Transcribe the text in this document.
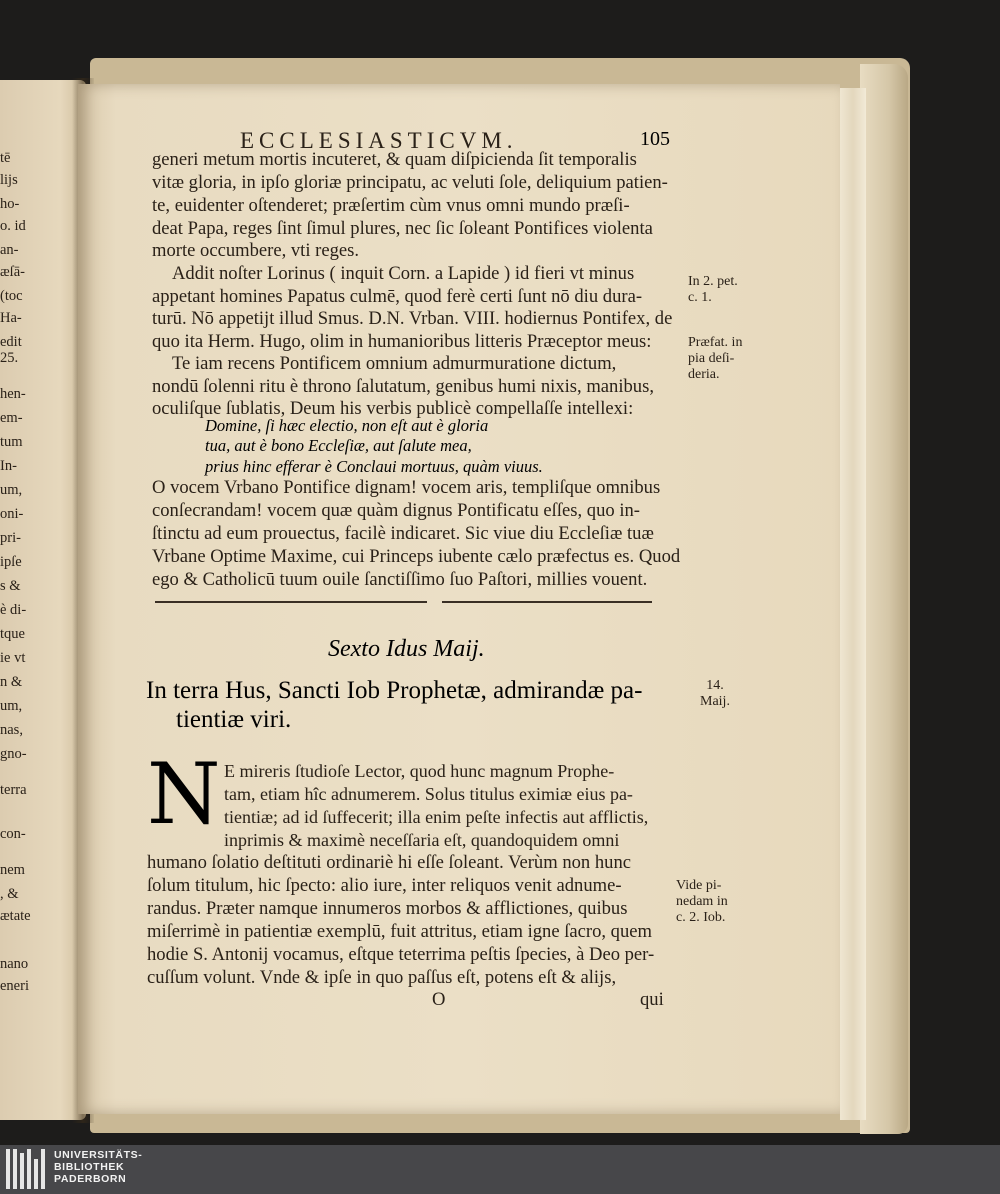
tē
lijs
ho-
o. id
an-
æſā-
(toc
Ha-
edit
25.
hen-
em-
tum
In-
um,
oni-
pri-
ipſe
s &
è di-
tque
ie vt
n &
um,
nas,
gno-
terra
con-
nem
, &
ætate
nano
eneri
ECCLESIASTICVM.	105
generi metum mortis incuteret, & quam diſpicienda ſit temporalis
vitæ gloria, in ipſo gloriæ principatu, ac veluti ſole, deliquium patien-
te, euidenter oſtenderet; præſertim cùm vnus omni mundo præſi-
deat Papa, reges ſint ſimul plures, nec ſic ſoleant Pontifices violenta
morte occumbere, vti reges.
Addit noſter Lorinus ( inquit Corn. a Lapide ) id fieri vt minus
appetant homines Papatus culmē, quod ferè certi ſunt nō diu dura-
turū. Nō appetijt illud Smus. D.N. Vrban. VIII. hodiernus Pontifex, de
quo ita Herm. Hugo, olim in humanioribus litteris Præceptor meus:
Te iam recens Pontificem omnium admurmuratione dictum,
nondū ſolenni ritu è throno ſalutatum, genibus humi nixis, manibus,
oculiſque ſublatis, Deum his verbis publicè compellaſſe intellexi:
Domine, ſi hæc electio, non eſt aut è gloria
tua, aut è bono Eccleſiæ, aut ſalute mea,
prius hinc efferar è Conclaui mortuus, quàm viuus.
O vocem Vrbano Pontifice dignam! vocem aris, templiſque omnibus
conſecrandam! vocem quæ quàm dignus Pontificatu eſſes, quo in-
ſtinctu ad eum prouectus, facilè indicaret. Sic viue diu Eccleſiæ tuæ
Vrbane Optime Maxime, cui Princeps iubente cælo præfectus es. Quod
ego & Catholicū tuum ouile ſanctiſſimo ſuo Paſtori, millies vouent.
Sexto Idus Maij.
In terra Hus, Sancti Iob Prophetæ, admirandæ pa-
tientiæ viri.
N E mireris ſtudioſe Lector, quod hunc magnum Prophe-
tam, etiam hîc adnumerem. Solus titulus eximiæ eius pa-
tientiæ; ad id ſuffecerit; illa enim peſte infectis aut afflictis,
inprimis & maximè neceſſaria eſt, quandoquidem omni
humano ſolatio deſtituti ordinariè hi eſſe ſoleant. Verùm non hunc
ſolum titulum, hic ſpecto: alio iure, inter reliquos venit adnume-
randus. Præter namque innumeros morbos & afflictiones, quibus
miſerrimè in patientiæ exemplū, fuit attritus, etiam igne ſacro, quem
hodie S. Antonij vocamus, eſtque teterrima peſtis ſpecies, à Deo per-
cuſſum volunt. Vnde & ipſe in quo paſſus eſt, potens eſt & alijs,
O	qui
In 2. pet.
c. 1.
Præfat. in
pia deſi-
deria.
14.
Maij.
Vide pi-
nedam in
c. 2. Iob.
UNIVERSITÄTS-
BIBLIOTHEK
PADERBORN
